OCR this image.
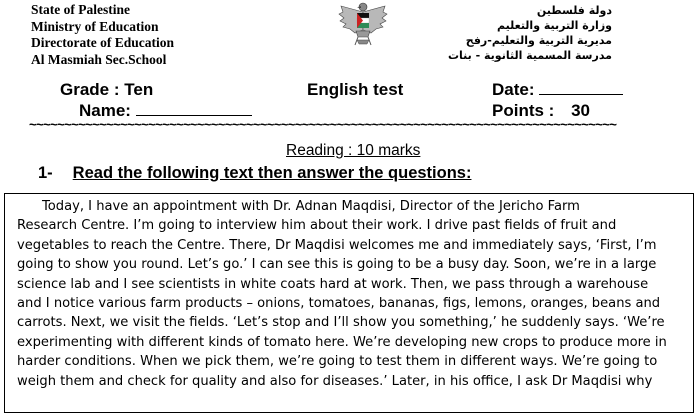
State of Palestine
Ministry of Education
Directorate of Education
Al Masmiah Sec.School
دولة فلسطين
وزارة التربية والتعليم
مديرية التربية والتعليم-رفح
مدرسة المسمية الثانوية - بنات
Grade : Ten	English test	Date:
Name:	Points : 30
~~~~~~~~~~~~~~~~~~~~~~~~~~~~~~~~~~~~~~~~~~~~~~~~~~~~~~~~~~~~~~~~~~~~~~~~~~~~~~~~~~~~
Reading : 10 marks
1- Read the following text then answer the questions:
Today, I have an appointment with Dr. Adnan Maqdisi, Director of the Jericho Farm
Research Centre. I’m going to interview him about their work. I drive past fields of fruit and
vegetables to reach the Centre. There, Dr Maqdisi welcomes me and immediately says, ‘First, I’m
going to show you round. Let’s go.’ I can see this is going to be a busy day. Soon, we’re in a large
science lab and I see scientists in white coats hard at work. Then, we pass through a warehouse
and I notice various farm products – onions, tomatoes, bananas, figs, lemons, oranges, beans and
carrots. Next, we visit the fields. ‘Let’s stop and I’ll show you something,’ he suddenly says. ‘We’re
experimenting with different kinds of tomato here. We’re developing new crops to produce more in
harder conditions. When we pick them, we’re going to test them in different ways. We’re going to
weigh them and check for quality and also for diseases.’ Later, in his office, I ask Dr Maqdisi why
